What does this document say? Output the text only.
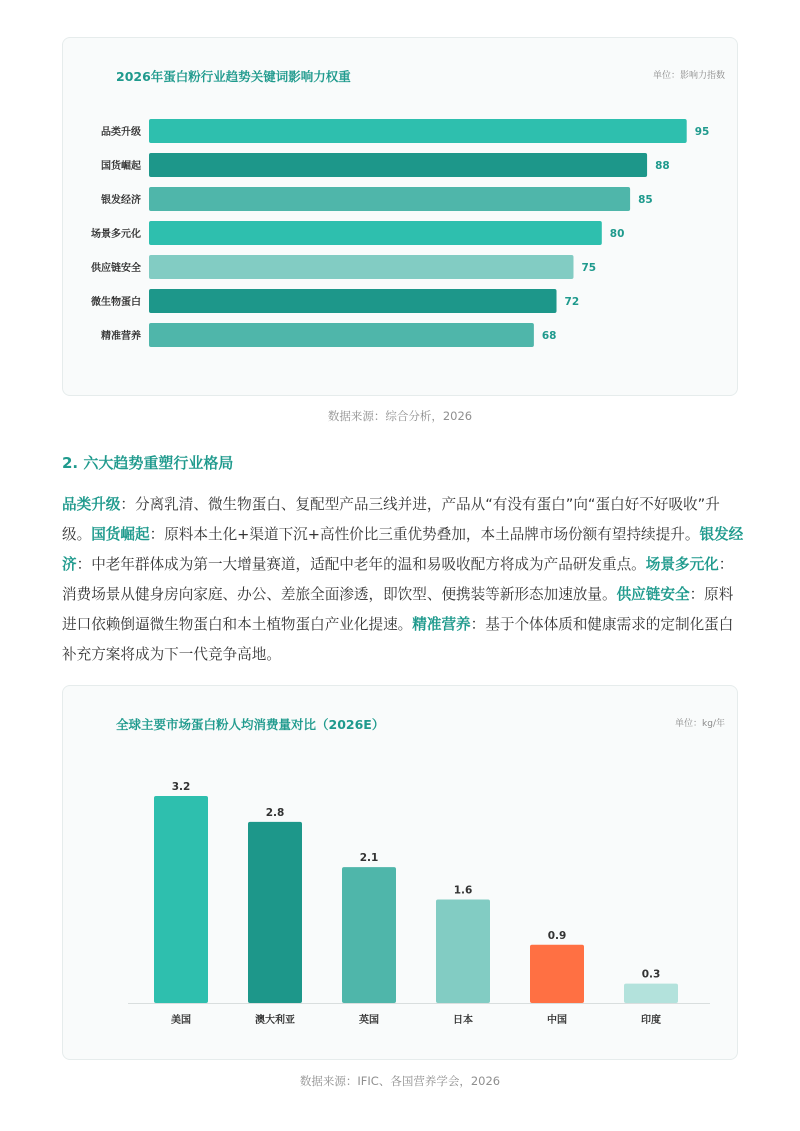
2026年蛋白粉行业趋势关键词影响力权重	单位：影响力指数
品类升级	95
国货崛起	88
银发经济	85
场景多元化	80
供应链安全	75
微生物蛋白	72
精准营养	68
数据来源：综合分析，2026
2. 六大趋势重塑行业格局

品类升级：分离乳清、微生物蛋白、复配型产品三线并进，产品从“有没有蛋白”向“蛋白好不好吸收”升级。国货崛起：原料本土化+渠道下沉+高性价比三重优势叠加，本土品牌市场份额有望持续提升。银发经济：中老年群体成为第一大增量赛道，适配中老年的温和易吸收配方将成为产品研发重点。场景多元化：消费场景从健身房向家庭、办公、差旅全面渗透，即饮型、便携装等新形态加速放量。供应链安全：原料进口依赖倒逼微生物蛋白和本土植物蛋白产业化提速。精准营养：基于个体体质和健康需求的定制化蛋白补充方案将成为下一代竞争高地。

全球主要市场蛋白粉人均消费量对比（2026E）	单位：kg/年
3.2
美国
2.8
澳大利亚
2.1
英国
1.6
日本
0.9
中国
0.3
印度
数据来源：IFIC、各国营养学会，2026
